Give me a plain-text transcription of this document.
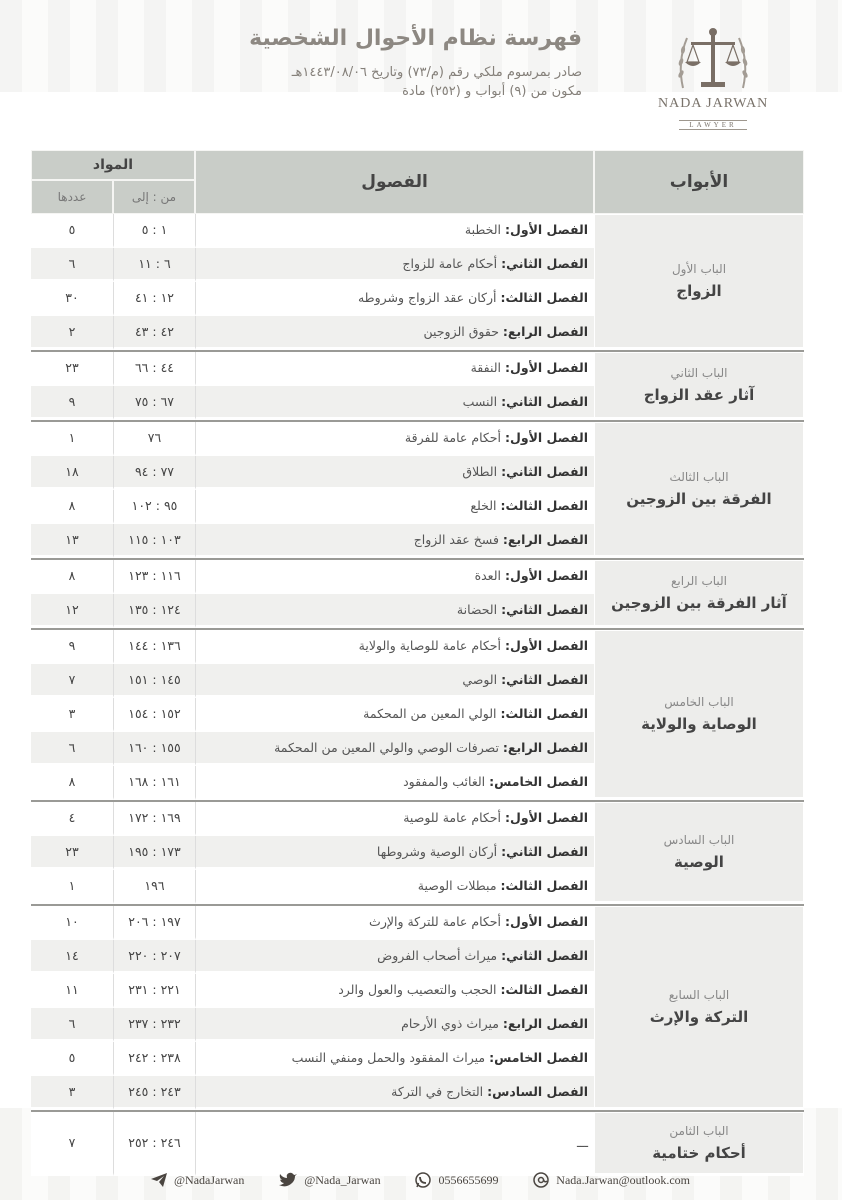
NADA JARWAN
LAWYER
فهرسة نظام الأحوال الشخصية
صادر بمرسوم ملكي رقم (م/٧٣) وتاريخ ١٤٤٣/٠٨/٠٦هـ
مكون من (٩) أبواب و (٢٥٢) مادة
الأبواب	الفصول	المواد	
		من : إلى	عددها

الباب الأول
الزواج	الفصل الأول: الخطبة	١ : ٥	٥
	الفصل الثاني: أحكام عامة للزواج	٦ : ١١	٦
	الفصل الثالث: أركان عقد الزواج وشروطه	١٢ : ٤١	٣٠
	الفصل الرابع: حقوق الزوجين	٤٢ : ٤٣	٢

الباب الثاني
آثار عقد الزواج	الفصل الأول: النفقة	٤٤ : ٦٦	٢٣
	الفصل الثاني: النسب	٦٧ : ٧٥	٩

الباب الثالث
الفرقة بين الزوجين	الفصل الأول: أحكام عامة للفرقة	٧٦	١
	الفصل الثاني: الطلاق	٧٧ : ٩٤	١٨
	الفصل الثالث: الخلع	٩٥ : ١٠٢	٨
	الفصل الرابع: فسخ عقد الزواج	١٠٣ : ١١٥	١٣

الباب الرابع
آثار الفرقة بين الزوجين	الفصل الأول: العدة	١١٦ : ١٢٣	٨
	الفصل الثاني: الحضانة	١٢٤ : ١٣٥	١٢

الباب الخامس
الوصاية والولاية	الفصل الأول: أحكام عامة للوصاية والولاية	١٣٦ : ١٤٤	٩
	الفصل الثاني: الوصي	١٤٥ : ١٥١	٧
	الفصل الثالث: الولي المعين من المحكمة	١٥٢ : ١٥٤	٣
	الفصل الرابع: تصرفات الوصي والولي المعين من المحكمة	١٥٥ : ١٦٠	٦
	الفصل الخامس: الغائب والمفقود	١٦١ : ١٦٨	٨

الباب السادس
الوصية	الفصل الأول: أحكام عامة للوصية	١٦٩ : ١٧٢	٤
	الفصل الثاني: أركان الوصية وشروطها	١٧٣ : ١٩٥	٢٣
	الفصل الثالث: مبطلات الوصية	١٩٦	١

الباب السابع
التركة والإرث	الفصل الأول: أحكام عامة للتركة والإرث	١٩٧ : ٢٠٦	١٠
	الفصل الثاني: ميراث أصحاب الفروض	٢٠٧ : ٢٢٠	١٤
	الفصل الثالث: الحجب والتعصيب والعول والرد	٢٢١ : ٢٣١	١١
	الفصل الرابع: ميراث ذوي الأرحام	٢٣٢ : ٢٣٧	٦
	الفصل الخامس: ميراث المفقود والحمل ومنفي النسب	٢٣٨ : ٢٤٢	٥
	الفصل السادس: التخارج في التركة	٢٤٣ : ٢٤٥	٣

الباب الثامن
أحكام ختامية	ـــ	٢٤٦ : ٢٥٢	٧
Nada.Jarwan@outlook.com
0556655699
@Nada_Jarwan
@NadaJarwan
